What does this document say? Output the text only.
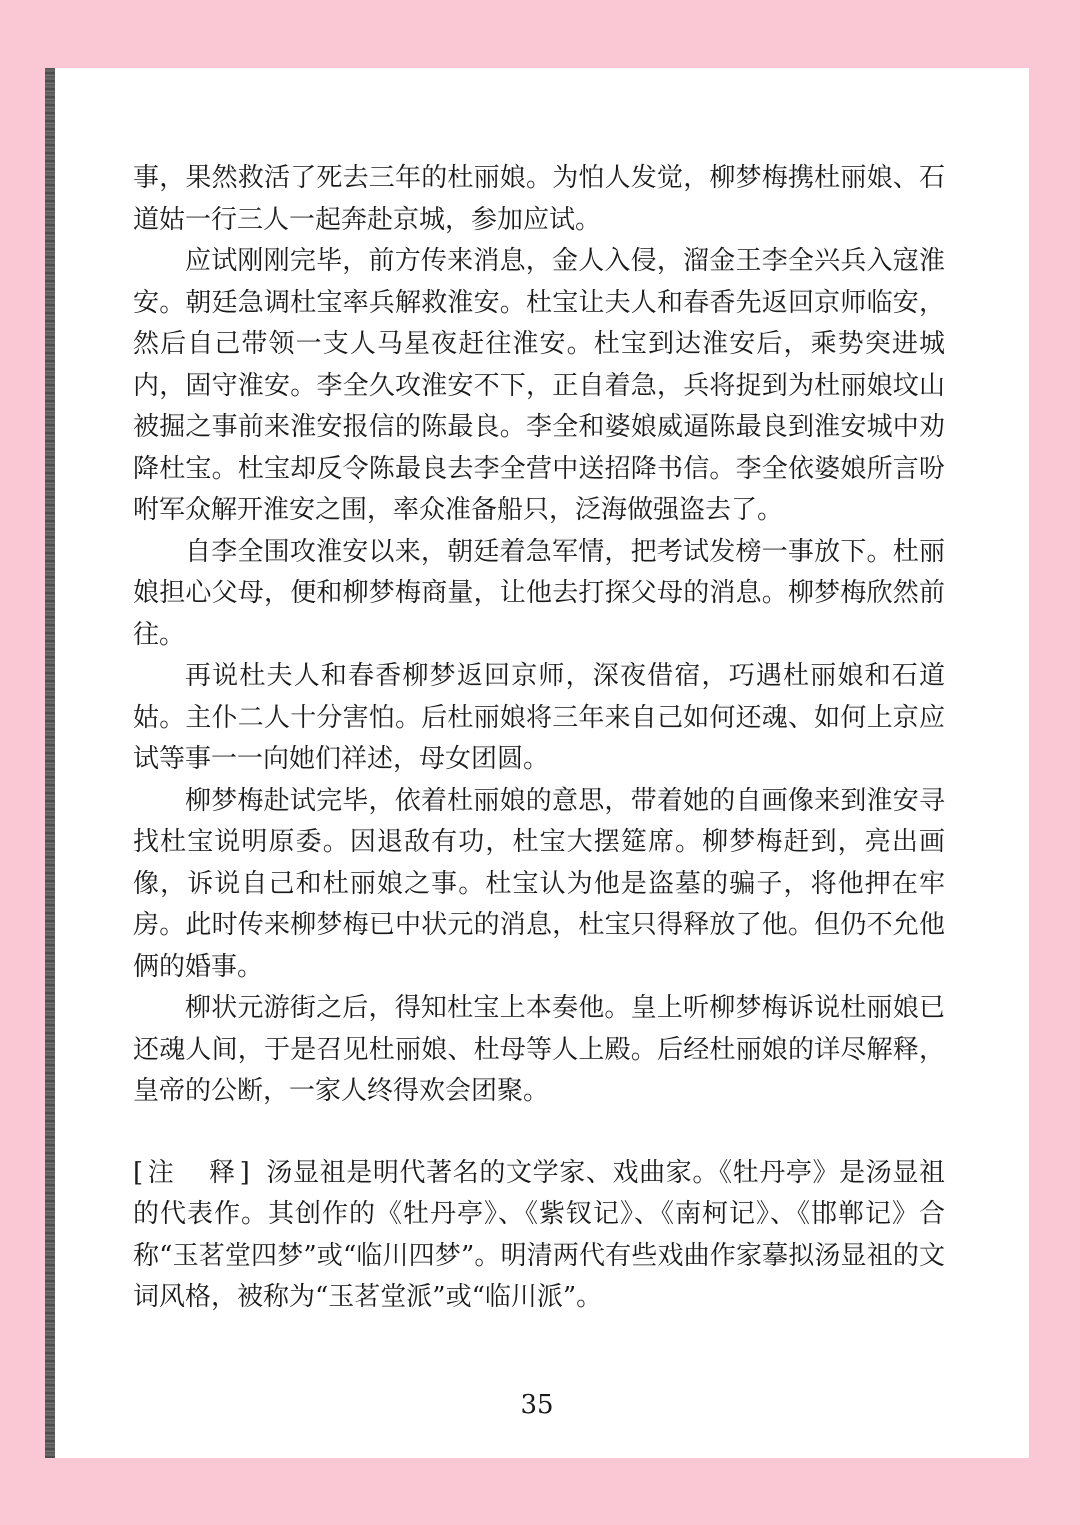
事，果然救活了死去三年的杜丽娘。为怕人发觉，柳梦梅携杜丽娘、石道姑一行三人一起奔赴京城，参加应试。

应试刚刚完毕，前方传来消息，金人入侵，溜金王李全兴兵入寇淮安。朝廷急调杜宝率兵解救淮安。杜宝让夫人和春香先返回京师临安，然后自己带领一支人马星夜赶往淮安。杜宝到达淮安后，乘势突进城内，固守淮安。李全久攻淮安不下，正自着急，兵将捉到为杜丽娘坟山被掘之事前来淮安报信的陈最良。李全和婆娘威逼陈最良到淮安城中劝降杜宝。杜宝却反令陈最良去李全营中送招降书信。李全依婆娘所言吩咐军众解开淮安之围，率众准备船只，泛海做强盗去了。

自李全围攻淮安以来，朝廷着急军情，把考试发榜一事放下。杜丽娘担心父母，便和柳梦梅商量，让他去打探父母的消息。柳梦梅欣然前往。

再说杜夫人和春香柳梦返回京师，深夜借宿，巧遇杜丽娘和石道姑。主仆二人十分害怕。后杜丽娘将三年来自己如何还魂、如何上京应试等事一一向她们祥述，母女团圆。

柳梦梅赴试完毕，依着杜丽娘的意思，带着她的自画像来到淮安寻找杜宝说明原委。因退敌有功，杜宝大摆筵席。柳梦梅赶到，亮出画像，诉说自己和杜丽娘之事。杜宝认为他是盗墓的骗子，将他押在牢房。此时传来柳梦梅已中状元的消息，杜宝只得释放了他。但仍不允他俩的婚事。

柳状元游街之后，得知杜宝上本奏他。皇上听柳梦梅诉说杜丽娘已还魂人间，于是召见杜丽娘、杜母等人上殿。后经杜丽娘的详尽解释，皇帝的公断，一家人终得欢会团聚。

[注　释] 汤显祖是明代著名的文学家、戏曲家。《牡丹亭》是汤显祖的代表作。其创作的《牡丹亭》、《紫钗记》、《南柯记》、《邯郸记》合称“玉茗堂四梦”或“临川四梦”。明清两代有些戏曲作家摹拟汤显祖的文词风格，被称为“玉茗堂派”或“临川派”。

35
